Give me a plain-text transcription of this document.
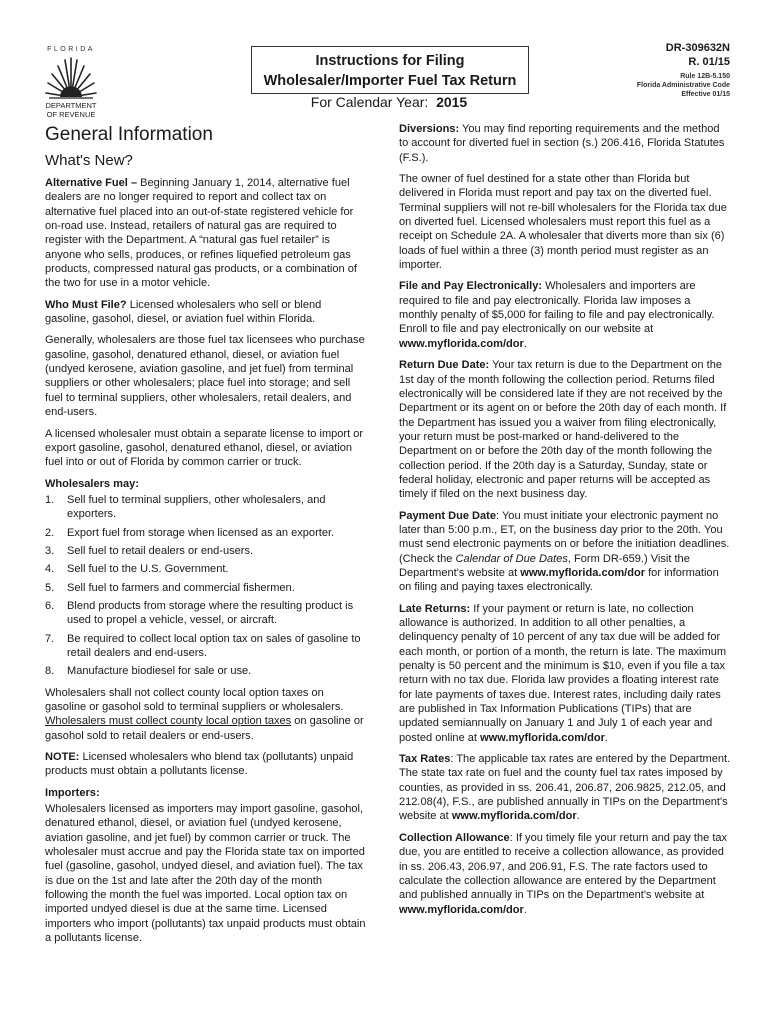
FLORIDA
DEPARTMENT
OF REVENUE
Instructions for Filing
Wholesaler/Importer Fuel Tax Return
For Calendar Year: 2015
DR-309632N
R. 01/15
Rule 12B-5.150
Florida Administrative Code
Effective 01/15
General Information
What's New?

Alternative Fuel – Beginning January 1, 2014, alternative fuel dealers are no longer required to report and collect tax on alternative fuel placed into an out-of-state registered vehicle for on-road use. Instead, retailers of natural gas are required to register with the Department. A “natural gas fuel retailer” is anyone who sells, produces, or refines liquefied petroleum gas products, compressed natural gas products, or a combination of the two for use in a motor vehicle.

Who Must File? Licensed wholesalers who sell or blend gasoline, gasohol, diesel, or aviation fuel within Florida.

Generally, wholesalers are those fuel tax licensees who purchase gasoline, gasohol, denatured ethanol, diesel, or aviation fuel (undyed kerosene, aviation gasoline, and jet fuel) from terminal suppliers or other wholesalers; place fuel into storage; and sell fuel to terminal suppliers, other wholesalers, retail dealers, and end-users.

A licensed wholesaler must obtain a separate license to import or export gasoline, gasohol, denatured ethanol, diesel, or aviation fuel into or out of Florida by common carrier or truck.

Wholesalers may:
1. Sell fuel to terminal suppliers, other wholesalers, and exporters.
2. Export fuel from storage when licensed as an exporter.
3. Sell fuel to retail dealers or end-users.
4. Sell fuel to the U.S. Government.
5. Sell fuel to farmers and commercial fishermen.
6. Blend products from storage where the resulting product is used to propel a vehicle, vessel, or aircraft.
7. Be required to collect local option tax on sales of gasoline to retail dealers and end-users.
8. Manufacture biodiesel for sale or use.

Wholesalers shall not collect county local option taxes on gasoline or gasohol sold to terminal suppliers or wholesalers. Wholesalers must collect county local option taxes on gasoline or gasohol sold to retail dealers or end-users.

NOTE: Licensed wholesalers who blend tax (pollutants) unpaid products must obtain a pollutants license.

Importers:

Wholesalers licensed as importers may import gasoline, gasohol, denatured ethanol, diesel, or aviation fuel (undyed kerosene, aviation gasoline, and jet fuel) by common carrier or truck. The wholesaler must accrue and pay the Florida state tax on imported fuel (gasoline, gasohol, undyed diesel, and aviation fuel). The tax is due on the 1st and late after the 20th day of the month following the month the fuel was imported. Local option tax on imported undyed diesel is due at the same time. Licensed importers who import (pollutants) tax unpaid products must obtain a pollutants license.

Diversions: You may find reporting requirements and the method to account for diverted fuel in section (s.) 206.416, Florida Statutes (F.S.).

The owner of fuel destined for a state other than Florida but delivered in Florida must report and pay tax on the diverted fuel. Terminal suppliers will not re-bill wholesalers for the Florida tax due on diverted fuel. Licensed wholesalers must report this fuel as a receipt on Schedule 2A. A wholesaler that diverts more than six (6) loads of fuel within a three (3) month period must register as an importer.

File and Pay Electronically: Wholesalers and importers are required to file and pay electronically. Florida law imposes a monthly penalty of $5,000 for failing to file and pay electronically. Enroll to file and pay electronically on our website at www.myflorida.com/dor.

Return Due Date: Your tax return is due to the Department on the 1st day of the month following the collection period. Returns filed electronically will be considered late if they are not received by the Department or its agent on or before the 20th day of each month. If the Department has issued you a waiver from filing electronically, your return must be post-marked or hand-delivered to the Department on or before the 20th day of the month following the collection period. If the 20th day is a Saturday, Sunday, state or federal holiday, electronic and paper returns will be accepted as timely if filed on the next business day.

Payment Due Date: You must initiate your electronic payment no later than 5:00 p.m., ET, on the business day prior to the 20th. You must send electronic payments on or before the initiation deadlines. (Check the Calendar of Due Dates, Form DR-659.) Visit the Department's website at www.myflorida.com/dor for information on filing and paying taxes electronically.

Late Returns: If your payment or return is late, no collection allowance is authorized. In addition to all other penalties, a delinquency penalty of 10 percent of any tax due will be added for each month, or portion of a month, the return is late. The maximum penalty is 50 percent and the minimum is $10, even if you file a tax return with no tax due. Florida law provides a floating interest rate for late payments of taxes due. Interest rates, including daily rates are published in Tax Information Publications (TIPs) that are updated semiannually on January 1 and July 1 of each year and posted online at www.myflorida.com/dor.

Tax Rates: The applicable tax rates are entered by the Department. The state tax rate on fuel and the county fuel tax rates imposed by counties, as provided in ss. 206.41, 206.87, 206.9825, 212.05, and 212.08(4), F.S., are published annually in TIPs on the Department's website at www.myflorida.com/dor.

Collection Allowance: If you timely file your return and pay the tax due, you are entitled to receive a collection allowance, as provided in ss. 206.43, 206.97, and 206.91, F.S. The rate factors used to calculate the collection allowance are entered by the Department and published annually in TIPs on the Department's website at www.myflorida.com/dor.
